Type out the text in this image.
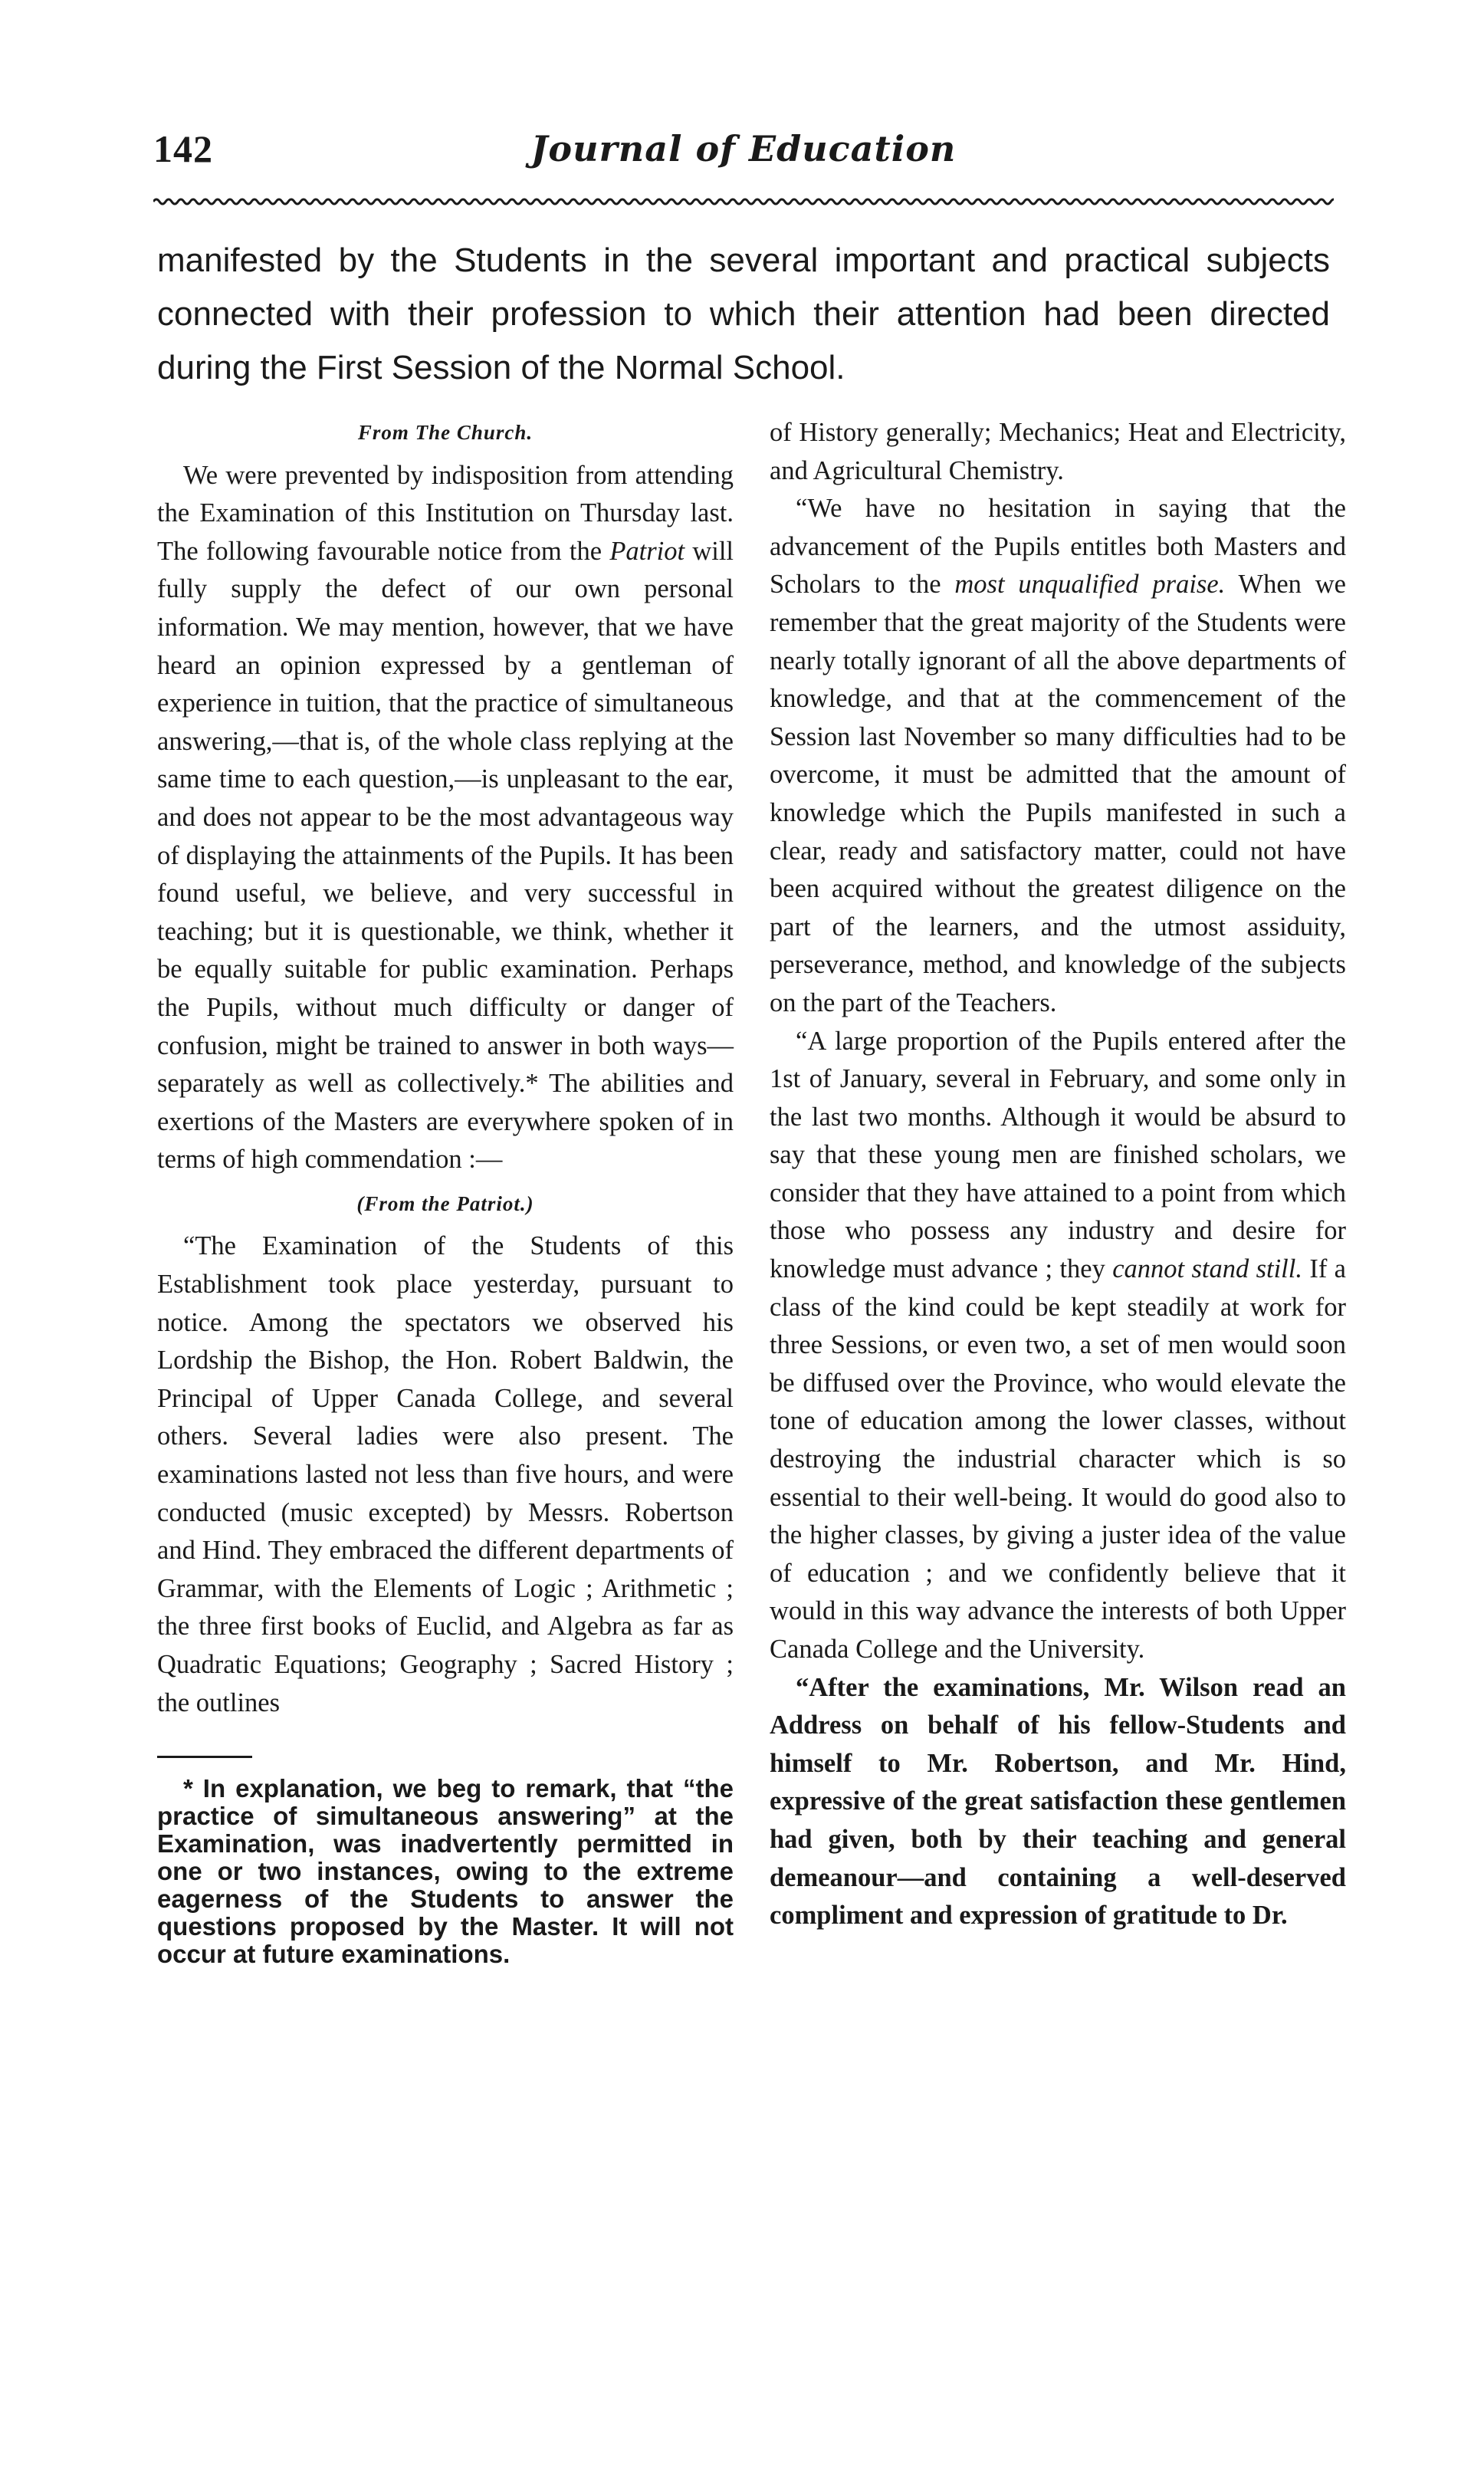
142	Journal of Education
manifested by the Students in the several important and practical subjects connected with their profession to which their attention had been directed during the First Session of the Normal School.

From The Church.

We were prevented by indisposition from attending the Examination of this Institution on Thursday last. The following favourable notice from the Patriot will fully supply the defect of our own personal information. We may mention, however, that we have heard an opinion expressed by a gentleman of experience in tuition, that the practice of simultaneous answering,—that is, of the whole class replying at the same time to each question,—is unpleasant to the ear, and does not appear to be the most advantageous way of displaying the attainments of the Pupils. It has been found useful, we believe, and very successful in teaching; but it is questionable, we think, whether it be equally suitable for public examination. Perhaps the Pupils, without much difficulty or danger of confusion, might be trained to answer in both ways—separately as well as collectively.* The abilities and exertions of the Masters are everywhere spoken of in terms of high commendation :—

(From the Patriot.)

“The Examination of the Students of this Establishment took place yesterday, pursuant to notice. Among the spectators we observed his Lordship the Bishop, the Hon. Robert Baldwin, the Principal of Upper Canada College, and several others. Several ladies were also present. The examinations lasted not less than five hours, and were conducted (music excepted) by Messrs. Robertson and Hind. They embraced the different departments of Grammar, with the Elements of Logic ; Arithmetic ; the three first books of Euclid, and Algebra as far as Quadratic Equations; Geography ; Sacred History ; the outlines

* In explanation, we beg to remark, that “the practice of simultaneous answering” at the Examination, was inadvertently permitted in one or two instances, owing to the extreme eagerness of the Students to answer the questions proposed by the Master. It will not occur at future examinations.

of History generally; Mechanics; Heat and Electricity, and Agricultural Chemistry.

“We have no hesitation in saying that the advancement of the Pupils entitles both Masters and Scholars to the most unqualified praise. When we remember that the great majority of the Students were nearly totally ignorant of all the above departments of knowledge, and that at the commencement of the Session last November so many difficulties had to be overcome, it must be admitted that the amount of knowledge which the Pupils manifested in such a clear, ready and satisfactory matter, could not have been acquired without the greatest diligence on the part of the learners, and the utmost assiduity, perseverance, method, and knowledge of the subjects on the part of the Teachers.

“A large proportion of the Pupils entered after the 1st of January, several in February, and some only in the last two months. Although it would be absurd to say that these young men are finished scholars, we consider that they have attained to a point from which those who possess any industry and desire for knowledge must advance ; they cannot stand still. If a class of the kind could be kept steadily at work for three Sessions, or even two, a set of men would soon be diffused over the Province, who would elevate the tone of education among the lower classes, without destroying the industrial character which is so essential to their well-being. It would do good also to the higher classes, by giving a juster idea of the value of education ; and we confidently believe that it would in this way advance the interests of both Upper Canada College and the University.

“After the examinations, Mr. Wilson read an Address on behalf of his fellow-Students and himself to Mr. Robertson, and Mr. Hind, expressive of the great satisfaction these gentlemen had given, both by their teaching and general demeanour—and containing a well-deserved compliment and expression of gratitude to Dr.
